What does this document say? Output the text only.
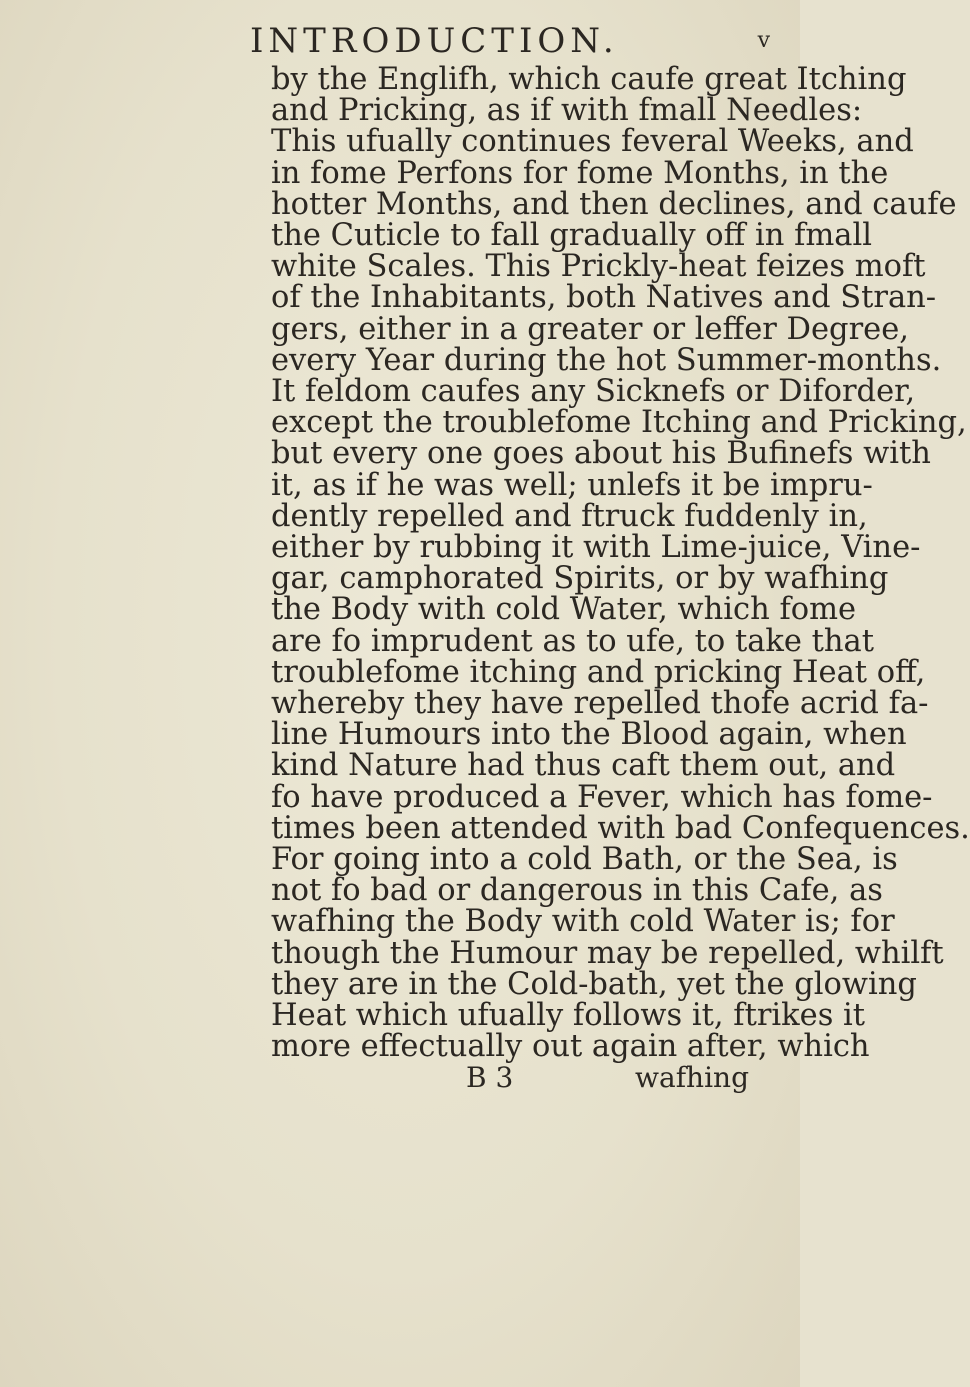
INTRODUCTION.	v
by the Englifh, which caufe great Itching
and Pricking, as if with fmall Needles:
This ufually continues feveral Weeks, and
in fome Perfons for fome Months, in the
hotter Months, and then declines, and caufe
the Cuticle to fall gradually off in fmall
white Scales. This Prickly-heat feizes moft
of the Inhabitants, both Natives and Stran-
gers, either in a greater or leffer Degree,
every Year during the hot Summer-months.
It feldom caufes any Sicknefs or Diforder,
except the troublefome Itching and Pricking,
but every one goes about his Bufinefs with
it, as if he was well; unlefs it be impru-
dently repelled and ftruck fuddenly in,
either by rubbing it with Lime-juice, Vine-
gar, camphorated Spirits, or by wafhing
the Body with cold Water, which fome
are fo imprudent as to ufe, to take that
troublefome itching and pricking Heat off,
whereby they have repelled thofe acrid fa-
line Humours into the Blood again, when
kind Nature had thus caft them out, and
fo have produced a Fever, which has fome-
times been attended with bad Confequences.
For going into a cold Bath, or the Sea, is
not fo bad or dangerous in this Cafe, as
wafhing the Body with cold Water is; for
though the Humour may be repelled, whilft
they are in the Cold-bath, yet the glowing
Heat which ufually follows it, ftrikes it
more effectually out again after, which
B 3	wafhing
